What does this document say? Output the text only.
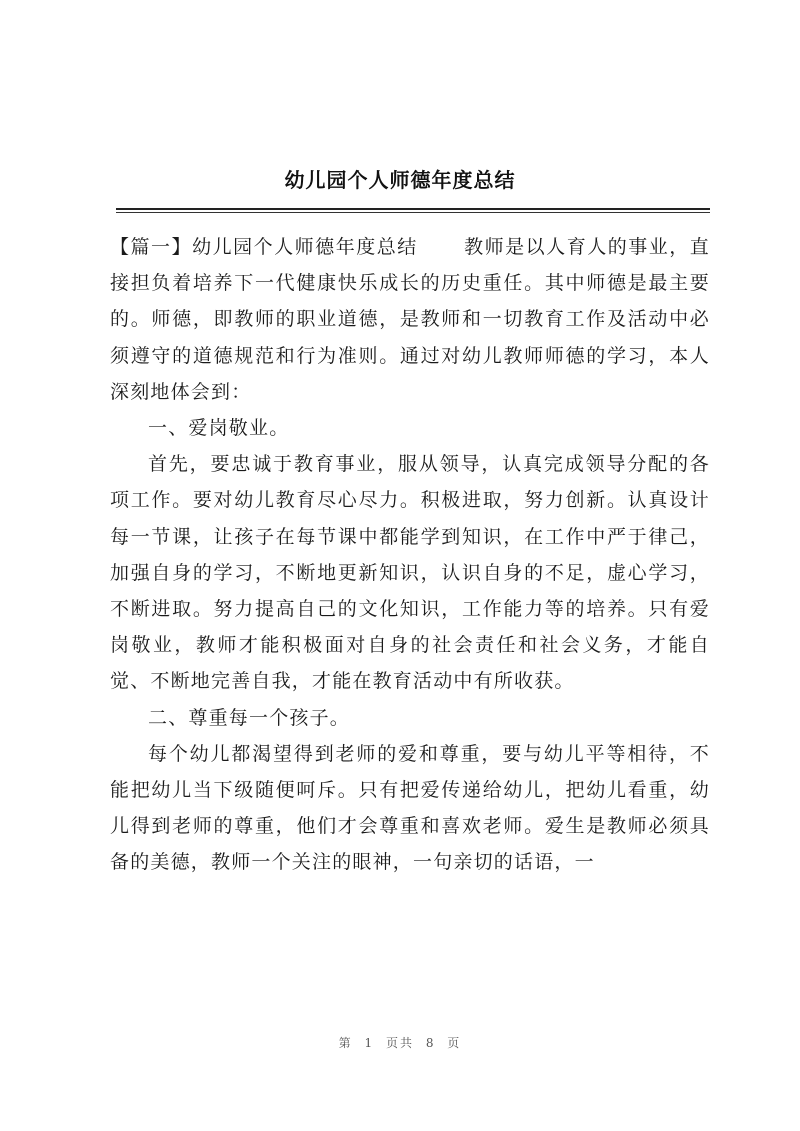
幼儿园个人师德年度总结

【篇一】幼儿园个人师德年度总结 教师是以人育人的事业，直接担负着培养下一代健康快乐成长的历史重任。其中师德是最主要的。师德，即教师的职业道德，是教师和一切教育工作及活动中必须遵守的道德规范和行为准则。通过对幼儿教师师德的学习，本人深刻地体会到：

一、爱岗敬业。

首先，要忠诚于教育事业，服从领导，认真完成领导分配的各项工作。要对幼儿教育尽心尽力。积极进取，努力创新。认真设计每一节课，让孩子在每节课中都能学到知识，在工作中严于律己，加强自身的学习，不断地更新知识，认识自身的不足，虚心学习，不断进取。努力提高自己的文化知识，工作能力等的培养。只有爱岗敬业，教师才能积极面对自身的社会责任和社会义务，才能自觉、不断地完善自我，才能在教育活动中有所收获。

二、尊重每一个孩子。

每个幼儿都渴望得到老师的爱和尊重，要与幼儿平等相待，不能把幼儿当下级随便呵斥。只有把爱传递给幼儿，把幼儿看重，幼儿得到老师的尊重，他们才会尊重和喜欢老师。爱生是教师必须具备的美德，教师一个关注的眼神，一句亲切的话语，一

第 1 页共 8 页
